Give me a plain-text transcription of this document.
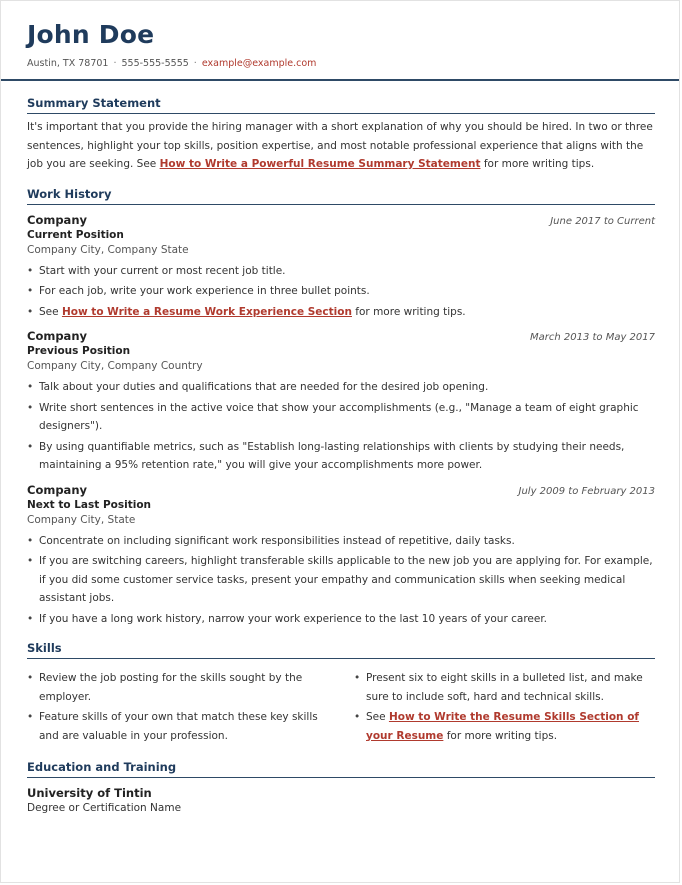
John Doe
Austin, TX 78701 · 555-555-5555 · example@example.com
Summary Statement

It's important that you provide the hiring manager with a short explanation of why you should be hired. In two or three sentences, highlight your top skills, position expertise, and most notable professional experience that aligns with the job you are seeking. See How to Write a Powerful Resume Summary Statement for more writing tips.

Work History
Company	June 2017 to Current
Current Position
Company City, Company State
• Start with your current or most recent job title.
• For each job, write your work experience in three bullet points.
• See How to Write a Resume Work Experience Section for more writing tips.
Company	March 2013 to May 2017
Previous Position
Company City, Company Country
• Talk about your duties and qualifications that are needed for the desired job opening.
• Write short sentences in the active voice that show your accomplishments (e.g., "Manage a team of eight graphic designers").
• By using quantifiable metrics, such as "Establish long-lasting relationships with clients by studying their needs, maintaining a 95% retention rate," you will give your accomplishments more power.
Company	July 2009 to February 2013
Next to Last Position
Company City, State
• Concentrate on including significant work responsibilities instead of repetitive, daily tasks.
• If you are switching careers, highlight transferable skills applicable to the new job you are applying for. For example, if you did some customer service tasks, present your empathy and communication skills when seeking medical assistant jobs.
• If you have a long work history, narrow your work experience to the last 10 years of your career.
Skills
• Review the job posting for the skills sought by the employer.
• Feature skills of your own that match these key skills and are valuable in your profession.
• Present six to eight skills in a bulleted list, and make sure to include soft, hard and technical skills.
• See How to Write the Resume Skills Section of your Resume for more writing tips.
Education and Training
University of Tintin
Degree or Certification Name
